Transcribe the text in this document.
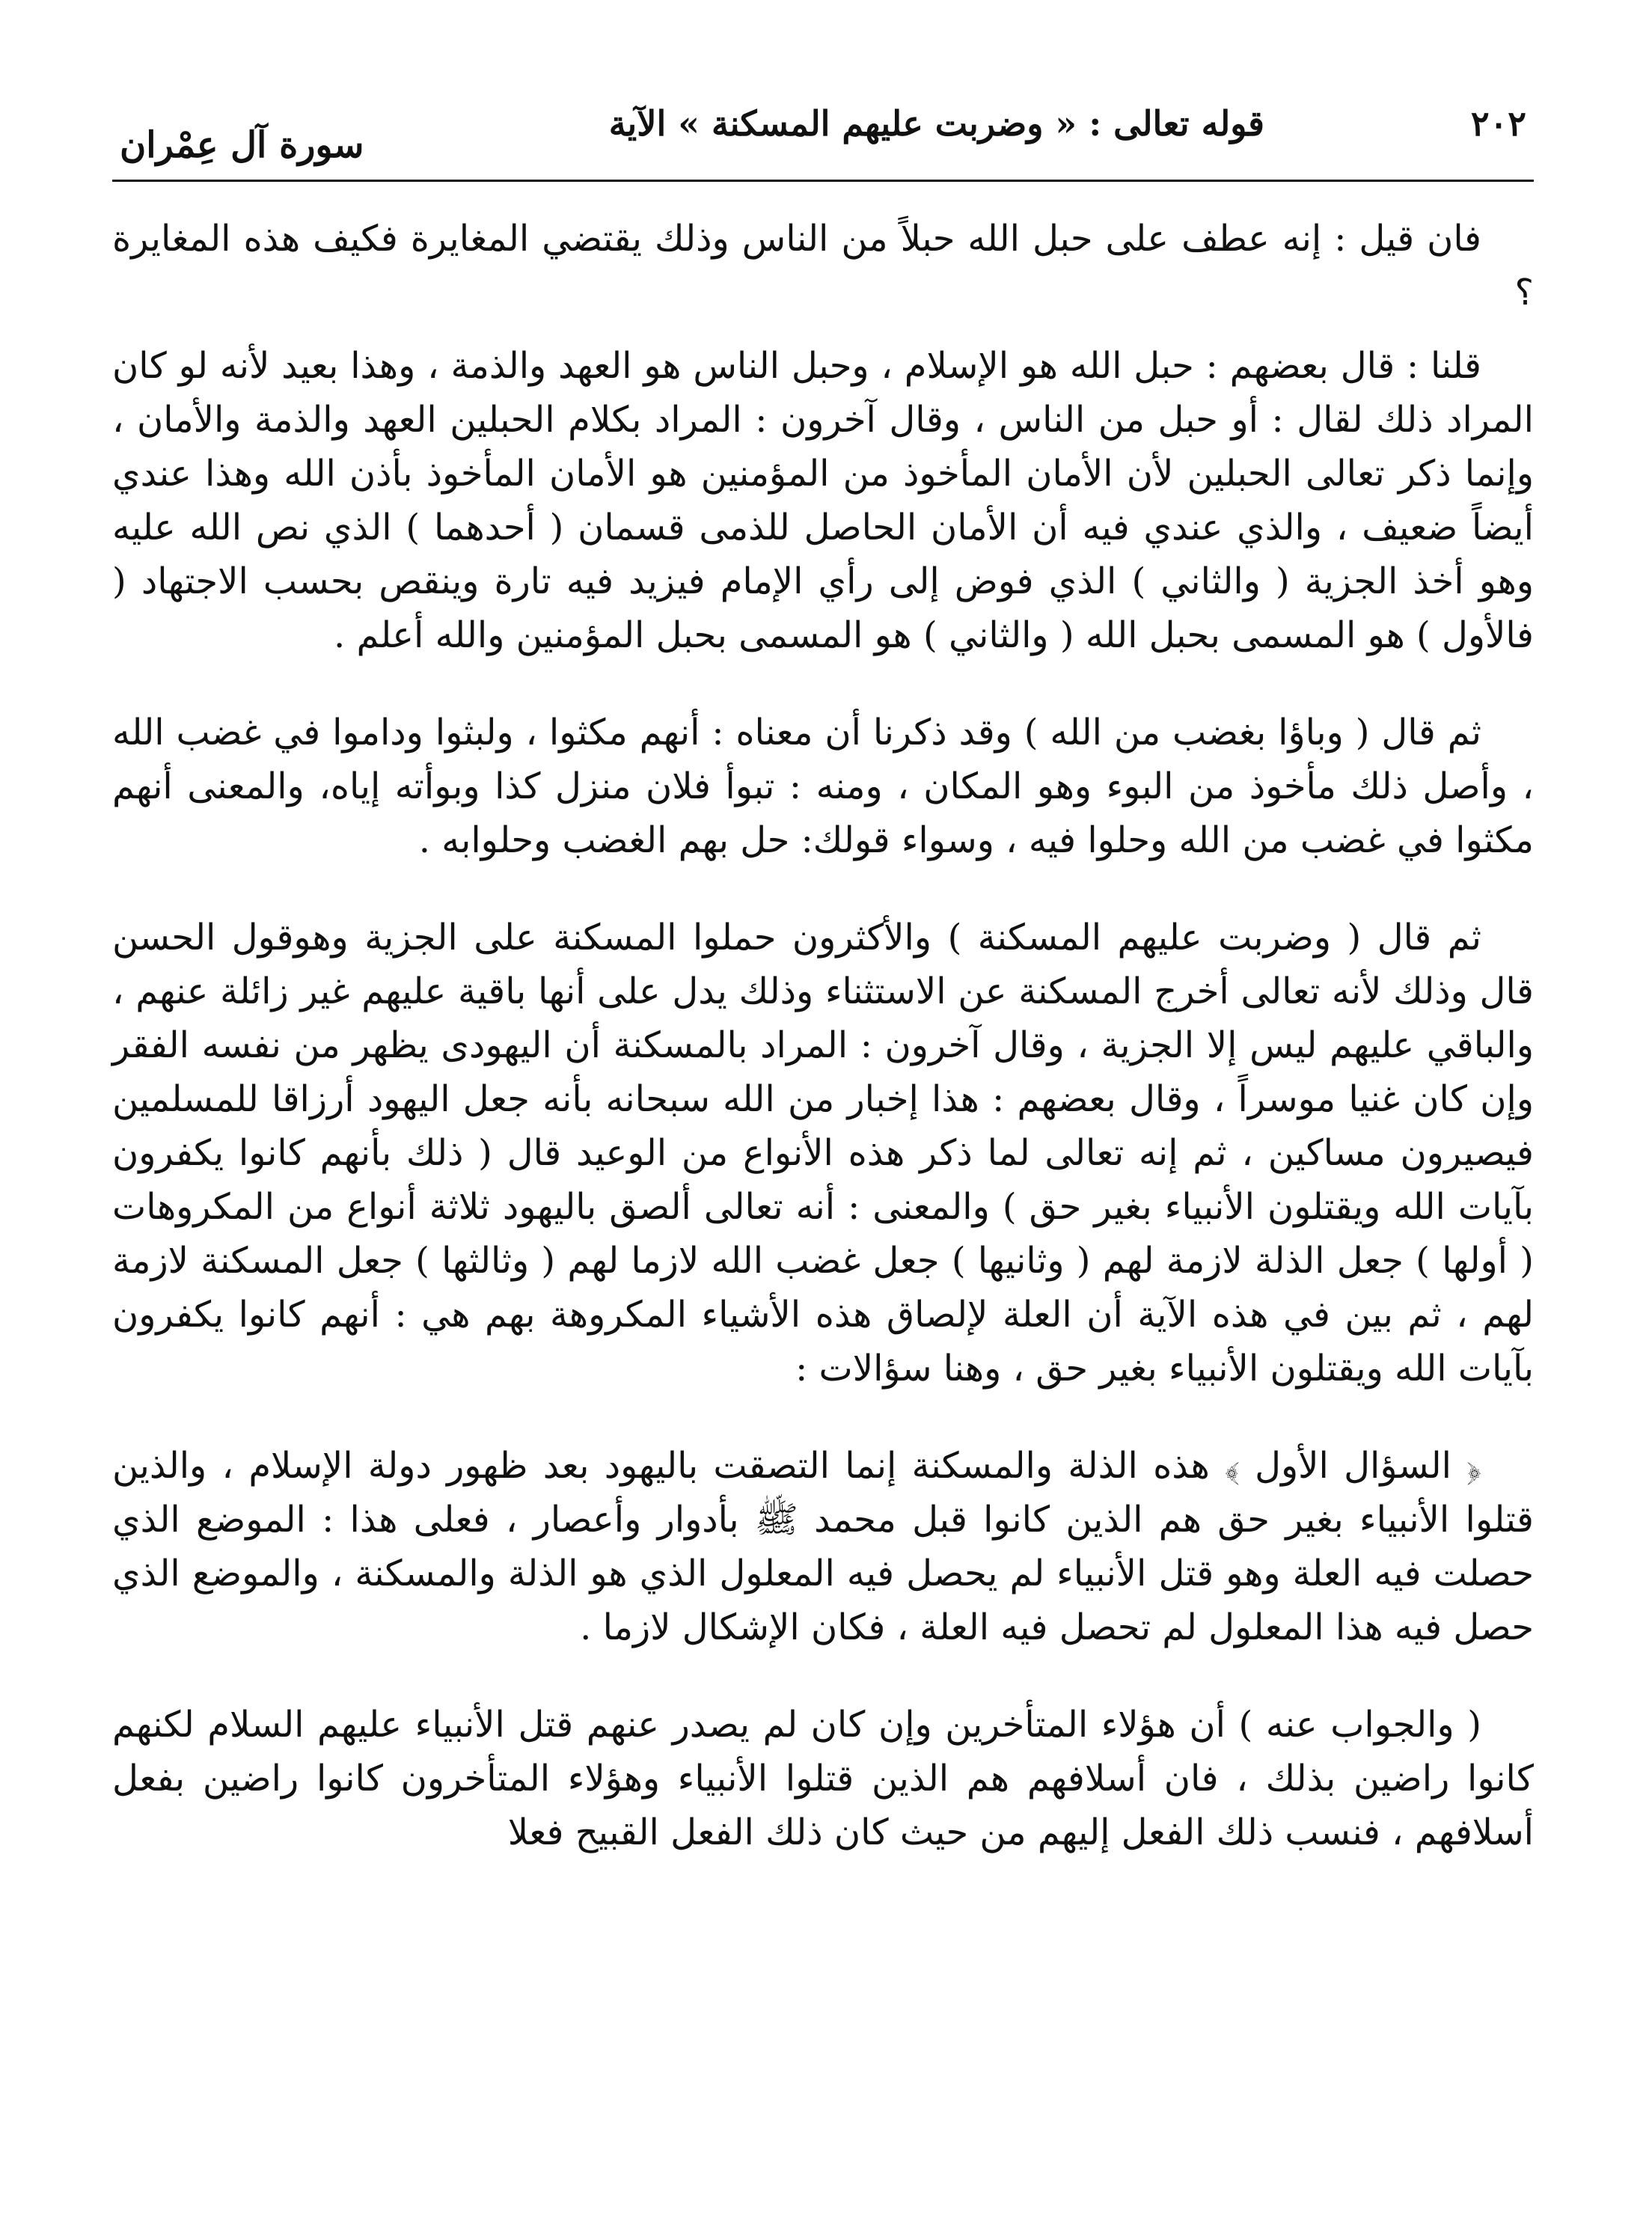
٢٠٢
قوله تعالى : « وضربت عليهم المسكنة » الآية
سورة آل عِمْران

فان قيل : إنه عطف على حبل الله حبلاً من الناس وذلك يقتضي المغايرة فكيف هذه المغايرة ؟

قلنا : قال بعضهم : حبل الله هو الإسلام ، وحبل الناس هو العهد والذمة ، وهذا بعيد لأنه لو كان المراد ذلك لقال : أو حبل من الناس ، وقال آخرون : المراد بكلام الحبلين العهد والذمة والأمان ، وإنما ذكر تعالى الحبلين لأن الأمان المأخوذ من المؤمنين هو الأمان المأخوذ بأذن الله وهذا عندي أيضاً ضعيف ، والذي عندي فيه أن الأمان الحاصل للذمى قسمان ( أحدهما ) الذي نص الله عليه وهو أخذ الجزية ( والثاني ) الذي فوض إلى رأي الإمام فيزيد فيه تارة وينقص بحسب الاجتهاد ( فالأول ) هو المسمى بحبل الله ( والثاني ) هو المسمى بحبل المؤمنين والله أعلم .

ثم قال ( وباؤا بغضب من الله ) وقد ذكرنا أن معناه : أنهم مكثوا ، ولبثوا وداموا في غضب الله ، وأصل ذلك مأخوذ من البوء وهو المكان ، ومنه : تبوأ فلان منزل كذا وبوأته إياه، والمعنى أنهم مكثوا في غضب من الله وحلوا فيه ، وسواء قولك: حل بهم الغضب وحلوابه .

ثم قال ( وضربت عليهم المسكنة ) والأكثرون حملوا المسكنة على الجزية وهوقول الحسن قال وذلك لأنه تعالى أخرج المسكنة عن الاستثناء وذلك يدل على أنها باقية عليهم غير زائلة عنهم ، والباقي عليهم ليس إلا الجزية ، وقال آخرون : المراد بالمسكنة أن اليهودى يظهر من نفسه الفقر وإن كان غنيا موسراً ، وقال بعضهم : هذا إخبار من الله سبحانه بأنه جعل اليهود أرزاقا للمسلمين فيصيرون مساكين ، ثم إنه تعالى لما ذكر هذه الأنواع من الوعيد قال ( ذلك بأنهم كانوا يكفرون بآيات الله ويقتلون الأنبياء بغير حق ) والمعنى : أنه تعالى ألصق باليهود ثلاثة أنواع من المكروهات ( أولها ) جعل الذلة لازمة لهم ( وثانيها ) جعل غضب الله لازما لهم ( وثالثها ) جعل المسكنة لازمة لهم ، ثم بين في هذه الآية أن العلة لإلصاق هذه الأشياء المكروهة بهم هي : أنهم كانوا يكفرون بآيات الله ويقتلون الأنبياء بغير حق ، وهنا سؤالات :

﴿ السؤال الأول ﴾ هذه الذلة والمسكنة إنما التصقت باليهود بعد ظهور دولة الإسلام ، والذين قتلوا الأنبياء بغير حق هم الذين كانوا قبل محمد ﷺ بأدوار وأعصار ، فعلى هذا : الموضع الذي حصلت فيه العلة وهو قتل الأنبياء لم يحصل فيه المعلول الذي هو الذلة والمسكنة ، والموضع الذي حصل فيه هذا المعلول لم تحصل فيه العلة ، فكان الإشكال لازما .

( والجواب عنه ) أن هؤلاء المتأخرين وإن كان لم يصدر عنهم قتل الأنبياء عليهم السلام لكنهم كانوا راضين بذلك ، فان أسلافهم هم الذين قتلوا الأنبياء وهؤلاء المتأخرون كانوا راضين بفعل أسلافهم ، فنسب ذلك الفعل إليهم من حيث كان ذلك الفعل القبيح فعلا
